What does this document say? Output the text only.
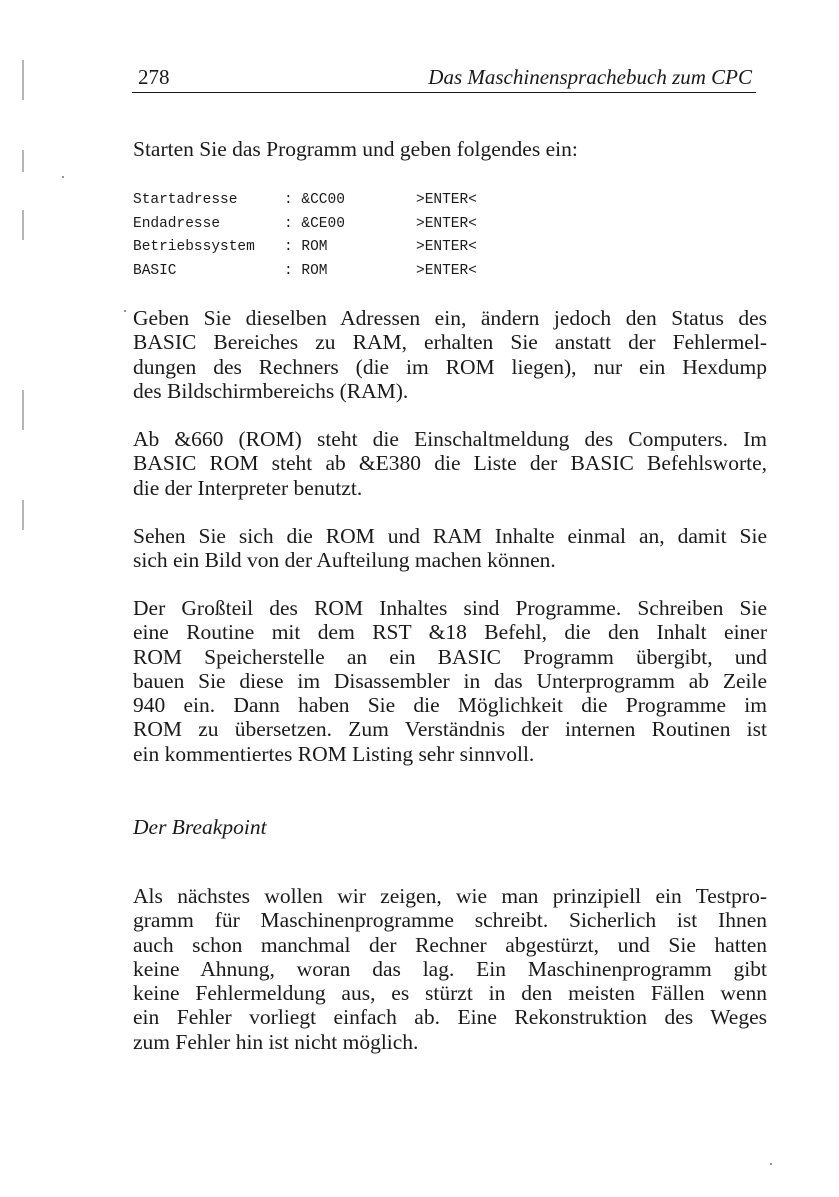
278	Das Maschinensprachebuch zum CPC

Starten Sie das Programm und geben folgendes ein:

Startadresse	: &CC00	>ENTER<
Endadresse	: &CE00	>ENTER<
Betriebssystem	: ROM	>ENTER<
BASIC	: ROM	>ENTER<
Geben Sie dieselben Adressen ein, ändern jedoch den Status des
BASIC Bereiches zu RAM, erhalten Sie anstatt der Fehlermel-
dungen des Rechners (die im ROM liegen), nur ein Hexdump
des Bildschirmbereichs (RAM).
Ab &660 (ROM) steht die Einschaltmeldung des Computers. Im
BASIC ROM steht ab &E380 die Liste der BASIC Befehlsworte,
die der Interpreter benutzt.
Sehen Sie sich die ROM und RAM Inhalte einmal an, damit Sie
sich ein Bild von der Aufteilung machen können.
Der Großteil des ROM Inhaltes sind Programme. Schreiben Sie
eine Routine mit dem RST &18 Befehl, die den Inhalt einer
ROM Speicherstelle an ein BASIC Programm übergibt, und
bauen Sie diese im Disassembler in das Unterprogramm ab Zeile
940 ein. Dann haben Sie die Möglichkeit die Programme im
ROM zu übersetzen. Zum Verständnis der internen Routinen ist
ein kommentiertes ROM Listing sehr sinnvoll.
Der Breakpoint
Als nächstes wollen wir zeigen, wie man prinzipiell ein Testpro-
gramm für Maschinenprogramme schreibt. Sicherlich ist Ihnen
auch schon manchmal der Rechner abgestürzt, und Sie hatten
keine Ahnung, woran das lag. Ein Maschinenprogramm gibt
keine Fehlermeldung aus, es stürzt in den meisten Fällen wenn
ein Fehler vorliegt einfach ab. Eine Rekonstruktion des Weges
zum Fehler hin ist nicht möglich.
